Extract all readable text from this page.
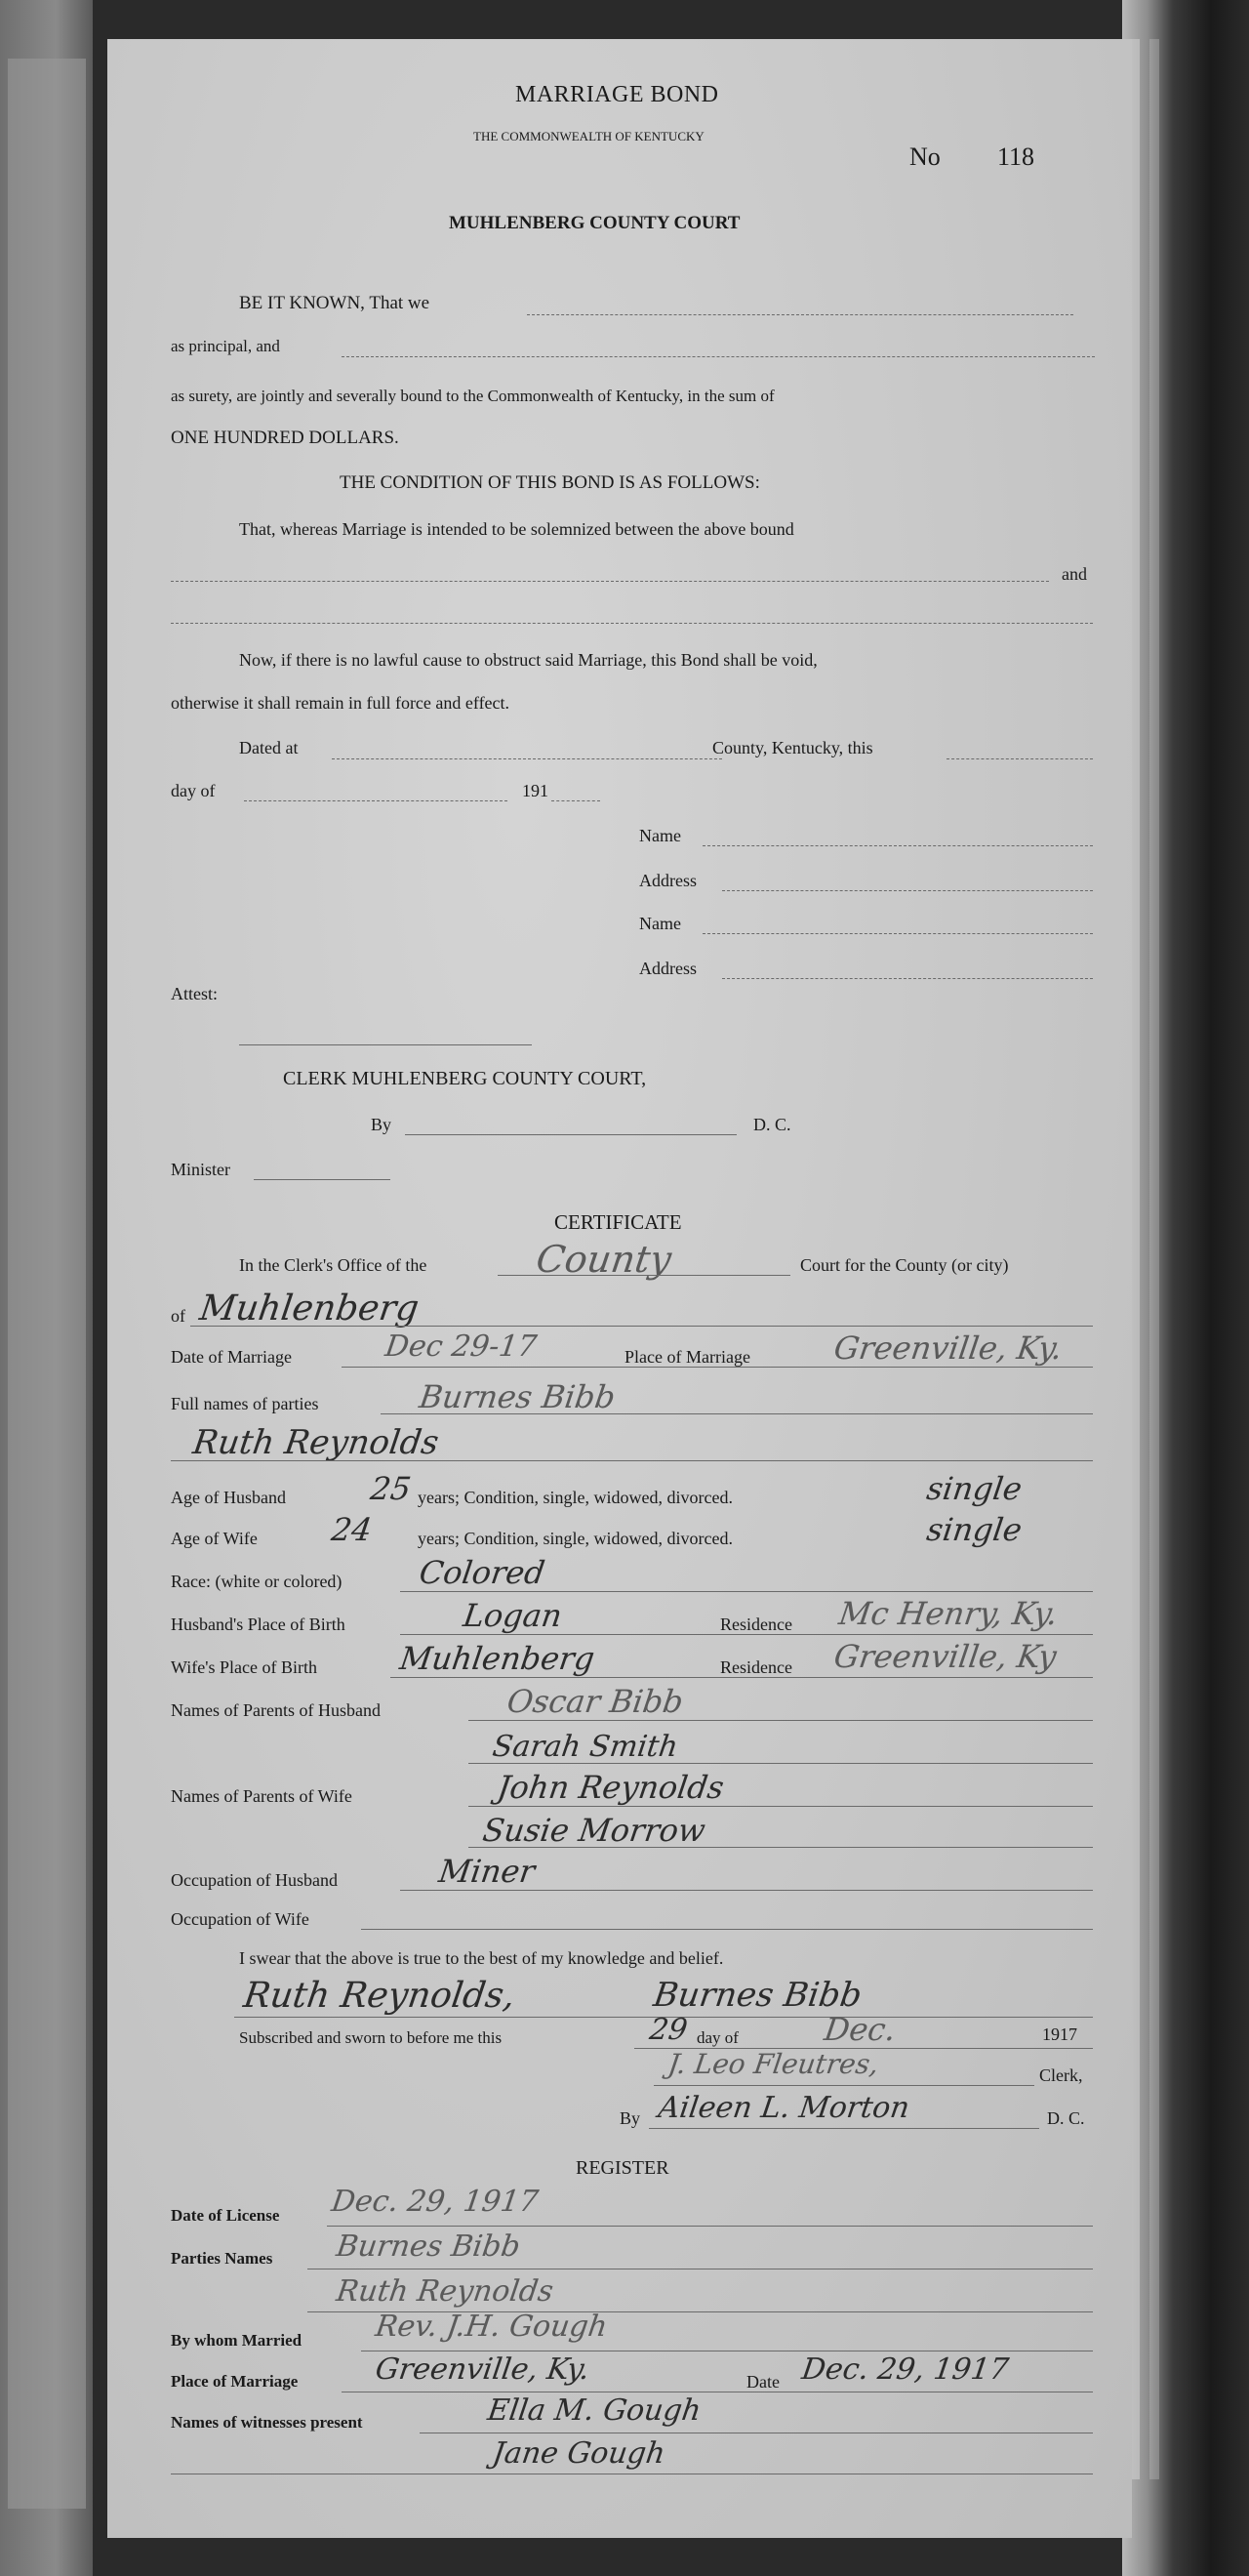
MARRIAGE BOND
THE COMMONWEALTH OF KENTUCKY
No 118
MUHLENBERG COUNTY COURT
BE IT KNOWN, That we
as principal, and
as surety, are jointly and severally bound to the Commonwealth of Kentucky, in the sum of
ONE HUNDRED DOLLARS.
THE CONDITION OF THIS BOND IS AS FOLLOWS:
That, whereas Marriage is intended to be solemnized between the above bound
and
Now, if there is no lawful cause to obstruct said Marriage, this Bond shall be void,
otherwise it shall remain in full force and effect.
Dated at	County, Kentucky, this
day of	191
Name
Address
Name
Address
Attest:
CLERK MUHLENBERG COUNTY COURT,
By	D. C.
Minister
CERTIFICATE
In the Clerk's Office of the	County	Court for the County (or city)
of Muhlenberg
Date of Marriage	Dec 29-17	Place of Marriage	Greenville, Ky.
Full names of parties	Burnes Bibb
Ruth Reynolds
Age of Husband	25 years; Condition, single, widowed, divorced.	single
Age of Wife 24 years; Condition, single, widowed, divorced.	single
Race: (white or colored) Colored
Husband's Place of Birth	Logan	Residence Mc Henry, Ky.
Wife's Place of Birth	Muhlenberg	Residence Greenville, Ky
Names of Parents of Husband	Oscar Bibb
Sarah Smith
Names of Parents of Wife	John Reynolds
Susie Morrow
Occupation of Husband	Miner
Occupation of Wife
I swear that the above is true to the best of my knowledge and belief.
Ruth Reynolds,	Burnes Bibb
Subscribed and sworn to before me this	29 day of	Dec.	1917
J. Leo Fleutres,	Clerk,
By Aileen L. Morton	D. C.
REGISTER
Date of License Dec. 29, 1917
Parties Names Burnes Bibb
Ruth Reynolds
By whom Married Rev. J.H. Gough
Place of Marriage	Greenville, Ky.	Date Dec. 29, 1917
Names of witnesses present	Ella M. Gough
Jane Gough
